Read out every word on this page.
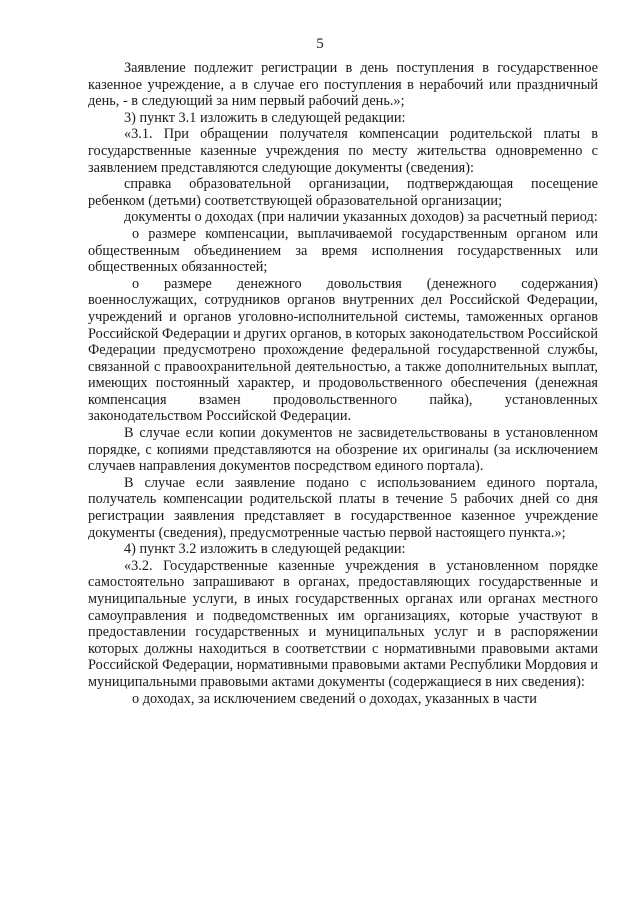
5

Заявление подлежит регистрации в день поступления в государственное казенное учреждение, а в случае его поступления в нерабочий или праздничный день, - в следующий за ним первый рабочий день.»;

3) пункт 3.1 изложить в следующей редакции:

«3.1. При обращении получателя компенсации родительской платы в государственные казенные учреждения по месту жительства одновременно с заявлением представляются следующие документы (сведения):

справка образовательной организации, подтверждающая посещение ребенком (детьми) соответствующей образовательной организации;

документы о доходах (при наличии указанных доходов) за расчетный период:

о размере компенсации, выплачиваемой государственным органом или общественным объединением за время исполнения государственных или общественных обязанностей;

о размере денежного довольствия (денежного содержания) военнослужащих, сотрудников органов внутренних дел Российской Федерации, учреждений и органов уголовно-исполнительной системы, таможенных органов Российской Федерации и других органов, в которых законодательством Российской Федерации предусмотрено прохождение федеральной государственной службы, связанной с правоохранительной деятельностью, а также дополнительных выплат, имеющих постоянный характер, и продовольственного обеспечения (денежная компенсация взамен продовольственного пайка), установленных законодательством Российской Федерации.

В случае если копии документов не засвидетельствованы в установленном порядке, с копиями представляются на обозрение их оригиналы (за исключением случаев направления документов посредством единого портала).

В случае если заявление подано с использованием единого портала, получатель компенсации родительской платы в течение 5 рабочих дней со дня регистрации заявления представляет в государственное казенное учреждение документы (сведения), предусмотренные частью первой настоящего пункта.»;

4) пункт 3.2 изложить в следующей редакции:

«3.2. Государственные казенные учреждения в установленном порядке самостоятельно запрашивают в органах, предоставляющих государственные и муниципальные услуги, в иных государственных органах или органах местного самоуправления и подведомственных им организациях, которые участвуют в предоставлении государственных и муниципальных услуг и в распоряжении которых должны находиться в соответствии с нормативными правовыми актами Российской Федерации, нормативными правовыми актами Республики Мордовия и муниципальными правовыми актами документы (содержащиеся в них сведения):

о доходах, за исключением сведений о доходах, указанных в части
